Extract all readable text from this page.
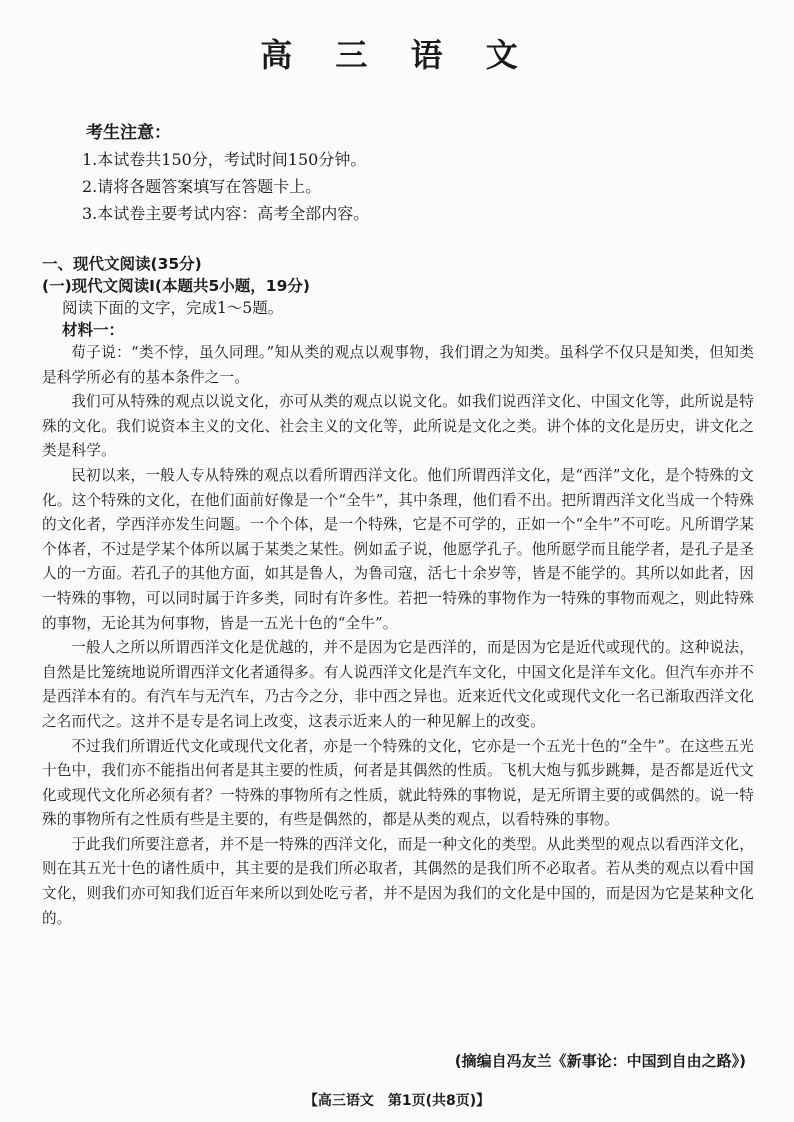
高 三 语 文
考生注意：
1.本试卷共150分，考试时间150分钟。
2.请将各题答案填写在答题卡上。
3.本试卷主要考试内容：高考全部内容。

一、现代文阅读(35分)

(一)现代文阅读Ⅰ(本题共5小题，19分)

阅读下面的文字，完成1～5题。

材料一：

荀子说：“类不悖，虽久同理。”知从类的观点以观事物，我们谓之为知类。虽科学不仅只是知类，但知类是科学所必有的基本条件之一。

我们可从特殊的观点以说文化，亦可从类的观点以说文化。如我们说西洋文化、中国文化等，此所说是特殊的文化。我们说资本主义的文化、社会主义的文化等，此所说是文化之类。讲个体的文化是历史，讲文化之类是科学。

民初以来，一般人专从特殊的观点以看所谓西洋文化。他们所谓西洋文化，是“西洋”文化，是个特殊的文化。这个特殊的文化，在他们面前好像是一个“全牛”，其中条理，他们看不出。把所谓西洋文化当成一个特殊的文化者，学西洋亦发生问题。一个个体，是一个特殊，它是不可学的，正如一个“全牛”不可吃。凡所谓学某个体者，不过是学某个体所以属于某类之某性。例如孟子说，他愿学孔子。他所愿学而且能学者，是孔子是圣人的一方面。若孔子的其他方面，如其是鲁人，为鲁司寇，活七十余岁等，皆是不能学的。其所以如此者，因一特殊的事物，可以同时属于许多类，同时有许多性。若把一特殊的事物作为一特殊的事物而观之，则此特殊的事物，无论其为何事物，皆是一五光十色的“全牛”。

一般人之所以所谓西洋文化是优越的，并不是因为它是西洋的，而是因为它是近代或现代的。这种说法，自然是比笼统地说所谓西洋文化者通得多。有人说西洋文化是汽车文化，中国文化是洋车文化。但汽车亦并不是西洋本有的。有汽车与无汽车，乃古今之分，非中西之异也。近来近代文化或现代文化一名已渐取西洋文化之名而代之。这并不是专是名词上改变，这表示近来人的一种见解上的改变。

不过我们所谓近代文化或现代文化者，亦是一个特殊的文化，它亦是一个五光十色的“全牛”。在这些五光十色中，我们亦不能指出何者是其主要的性质，何者是其偶然的性质。飞机大炮与狐步跳舞，是否都是近代文化或现代文化所必须有者？一特殊的事物所有之性质，就此特殊的事物说，是无所谓主要的或偶然的。说一特殊的事物所有之性质有些是主要的，有些是偶然的，都是从类的观点，以看特殊的事物。

于此我们所要注意者，并不是一特殊的西洋文化，而是一种文化的类型。从此类型的观点以看西洋文化，则在其五光十色的诸性质中，其主要的是我们所必取者，其偶然的是我们所不必取者。若从类的观点以看中国文化，则我们亦可知我们近百年来所以到处吃亏者，并不是因为我们的文化是中国的，而是因为它是某种文化的。

(摘编自冯友兰《新事论：中国到自由之路》)
【高三语文　第1页(共8页)】
